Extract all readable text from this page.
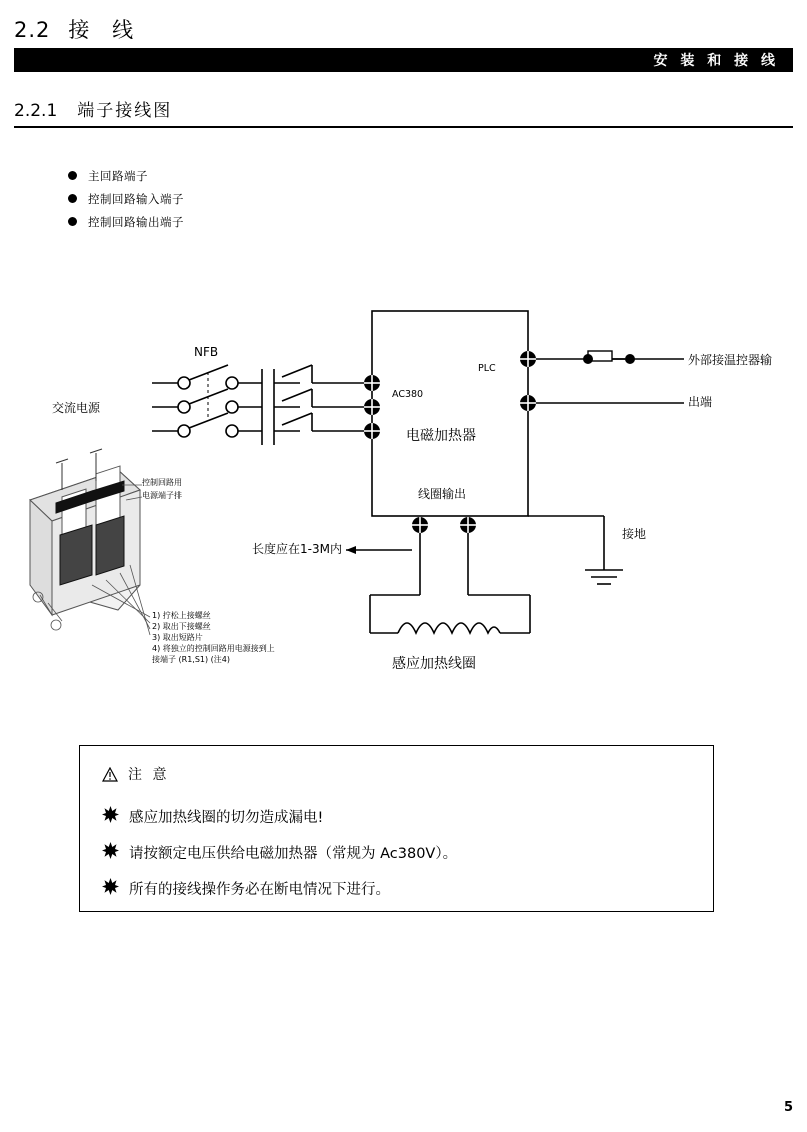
2.2 接 线
安 装 和 接 线
2.2.1 端子接线图
主回路端子
控制回路输入端子
控制回路输出端子
NFB
交流电源
AC380
PLC
电磁加热器
线圈输出
外部接温控器输
出端
接地
长度应在1-3M内
感应加热线圈
控制回路用
电源端子排
1) 拧松上接螺丝
2) 取出下接螺丝
3) 取出短路片
4) 将独立的控制回路用电源接到上
接端子 (R1,S1) (注4)
注 意
感应加热线圈的切勿造成漏电!
请按额定电压供给电磁加热器（常规为 Ac380V）。
所有的接线操作务必在断电情况下进行。
5
